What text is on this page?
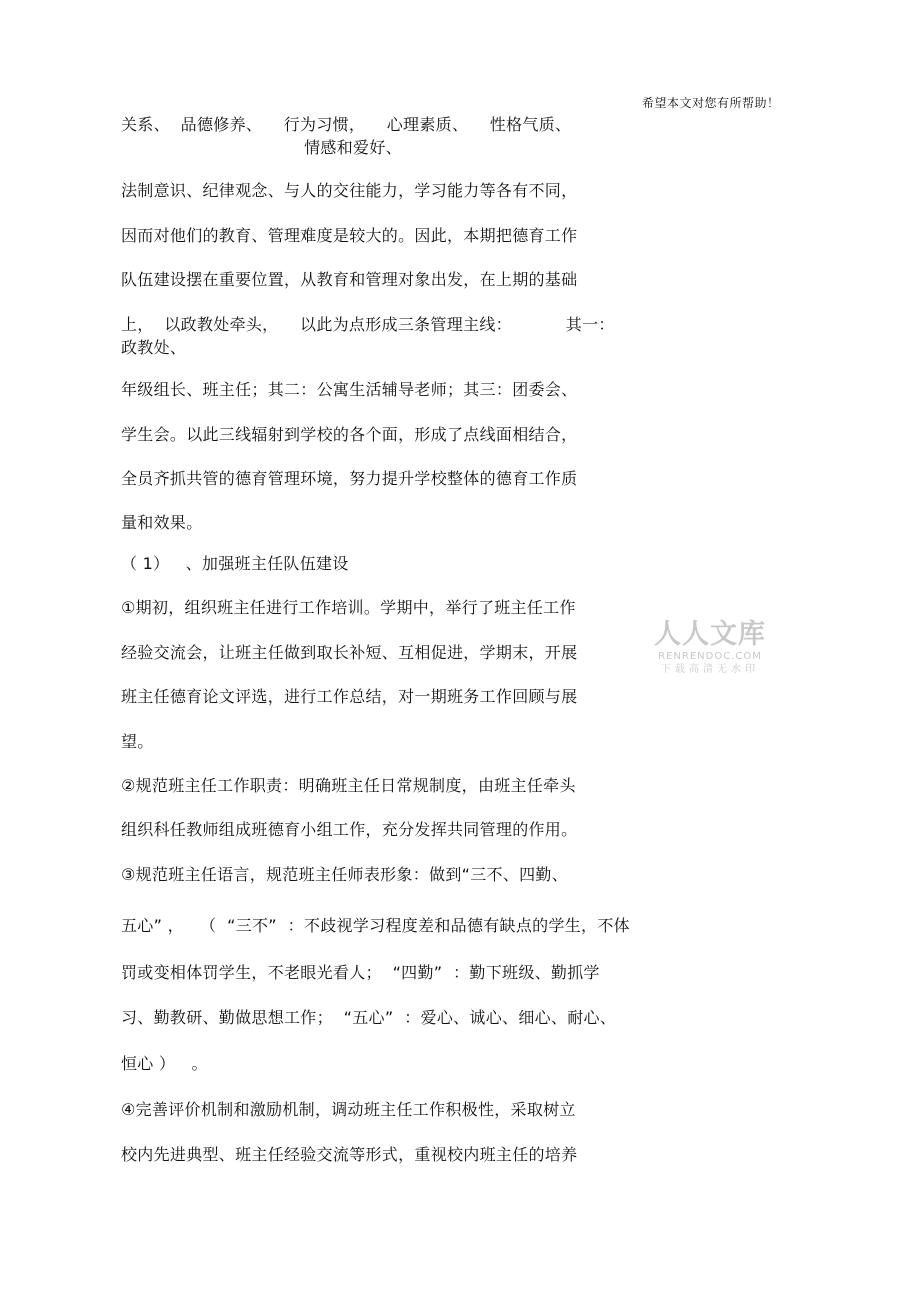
希望本文对您有所帮助！
关系、  品德修养、    行为习惯，    心理素质、    性格气质、
情感和爱好、
法制意识、纪律观念、与人的交往能力，学习能力等各有不同，
因而对他们的教育、管理难度是较大的。因此，本期把德育工作
队伍建设摆在重要位置，从教育和管理对象出发，在上期的基础
上，  以政教处牵头，    以此为点形成三条管理主线：          其一：
政教处、
年级组长、班主任；其二：公寓生活辅导老师；其三：团委会、
学生会。以此三线辐射到学校的各个面，形成了点线面相结合，
全员齐抓共管的德育管理环境，努力提升学校整体的德育工作质
量和效果。
（ 1）   、加强班主任队伍建设
①期初，组织班主任进行工作培训。学期中，举行了班主任工作
经验交流会，让班主任做到取长补短、互相促进，学期末，开展
班主任德育论文评选，进行工作总结，对一期班务工作回顾与展
望。
②规范班主任工作职责：明确班主任日常规制度，由班主任牵头
组织科任教师组成班德育小组工作，充分发挥共同管理的作用。
③规范班主任语言，规范班主任师表形象：做到“三不、四勤、
五心” ，   （  “三不”  ：不歧视学习程度差和品德有缺点的学生，不体
罚或变相体罚学生，不老眼光看人；  “四勤”  ：勤下班级、勤抓学
习、勤教研、勤做思想工作；  “五心”  ：爱心、诚心、细心、耐心、
恒心 ）   。
④完善评价机制和激励机制，调动班主任工作积极性，采取树立
校内先进典型、班主任经验交流等形式，重视校内班主任的培养
人人文库
RENRENDOC.COM
下载高清无水印
